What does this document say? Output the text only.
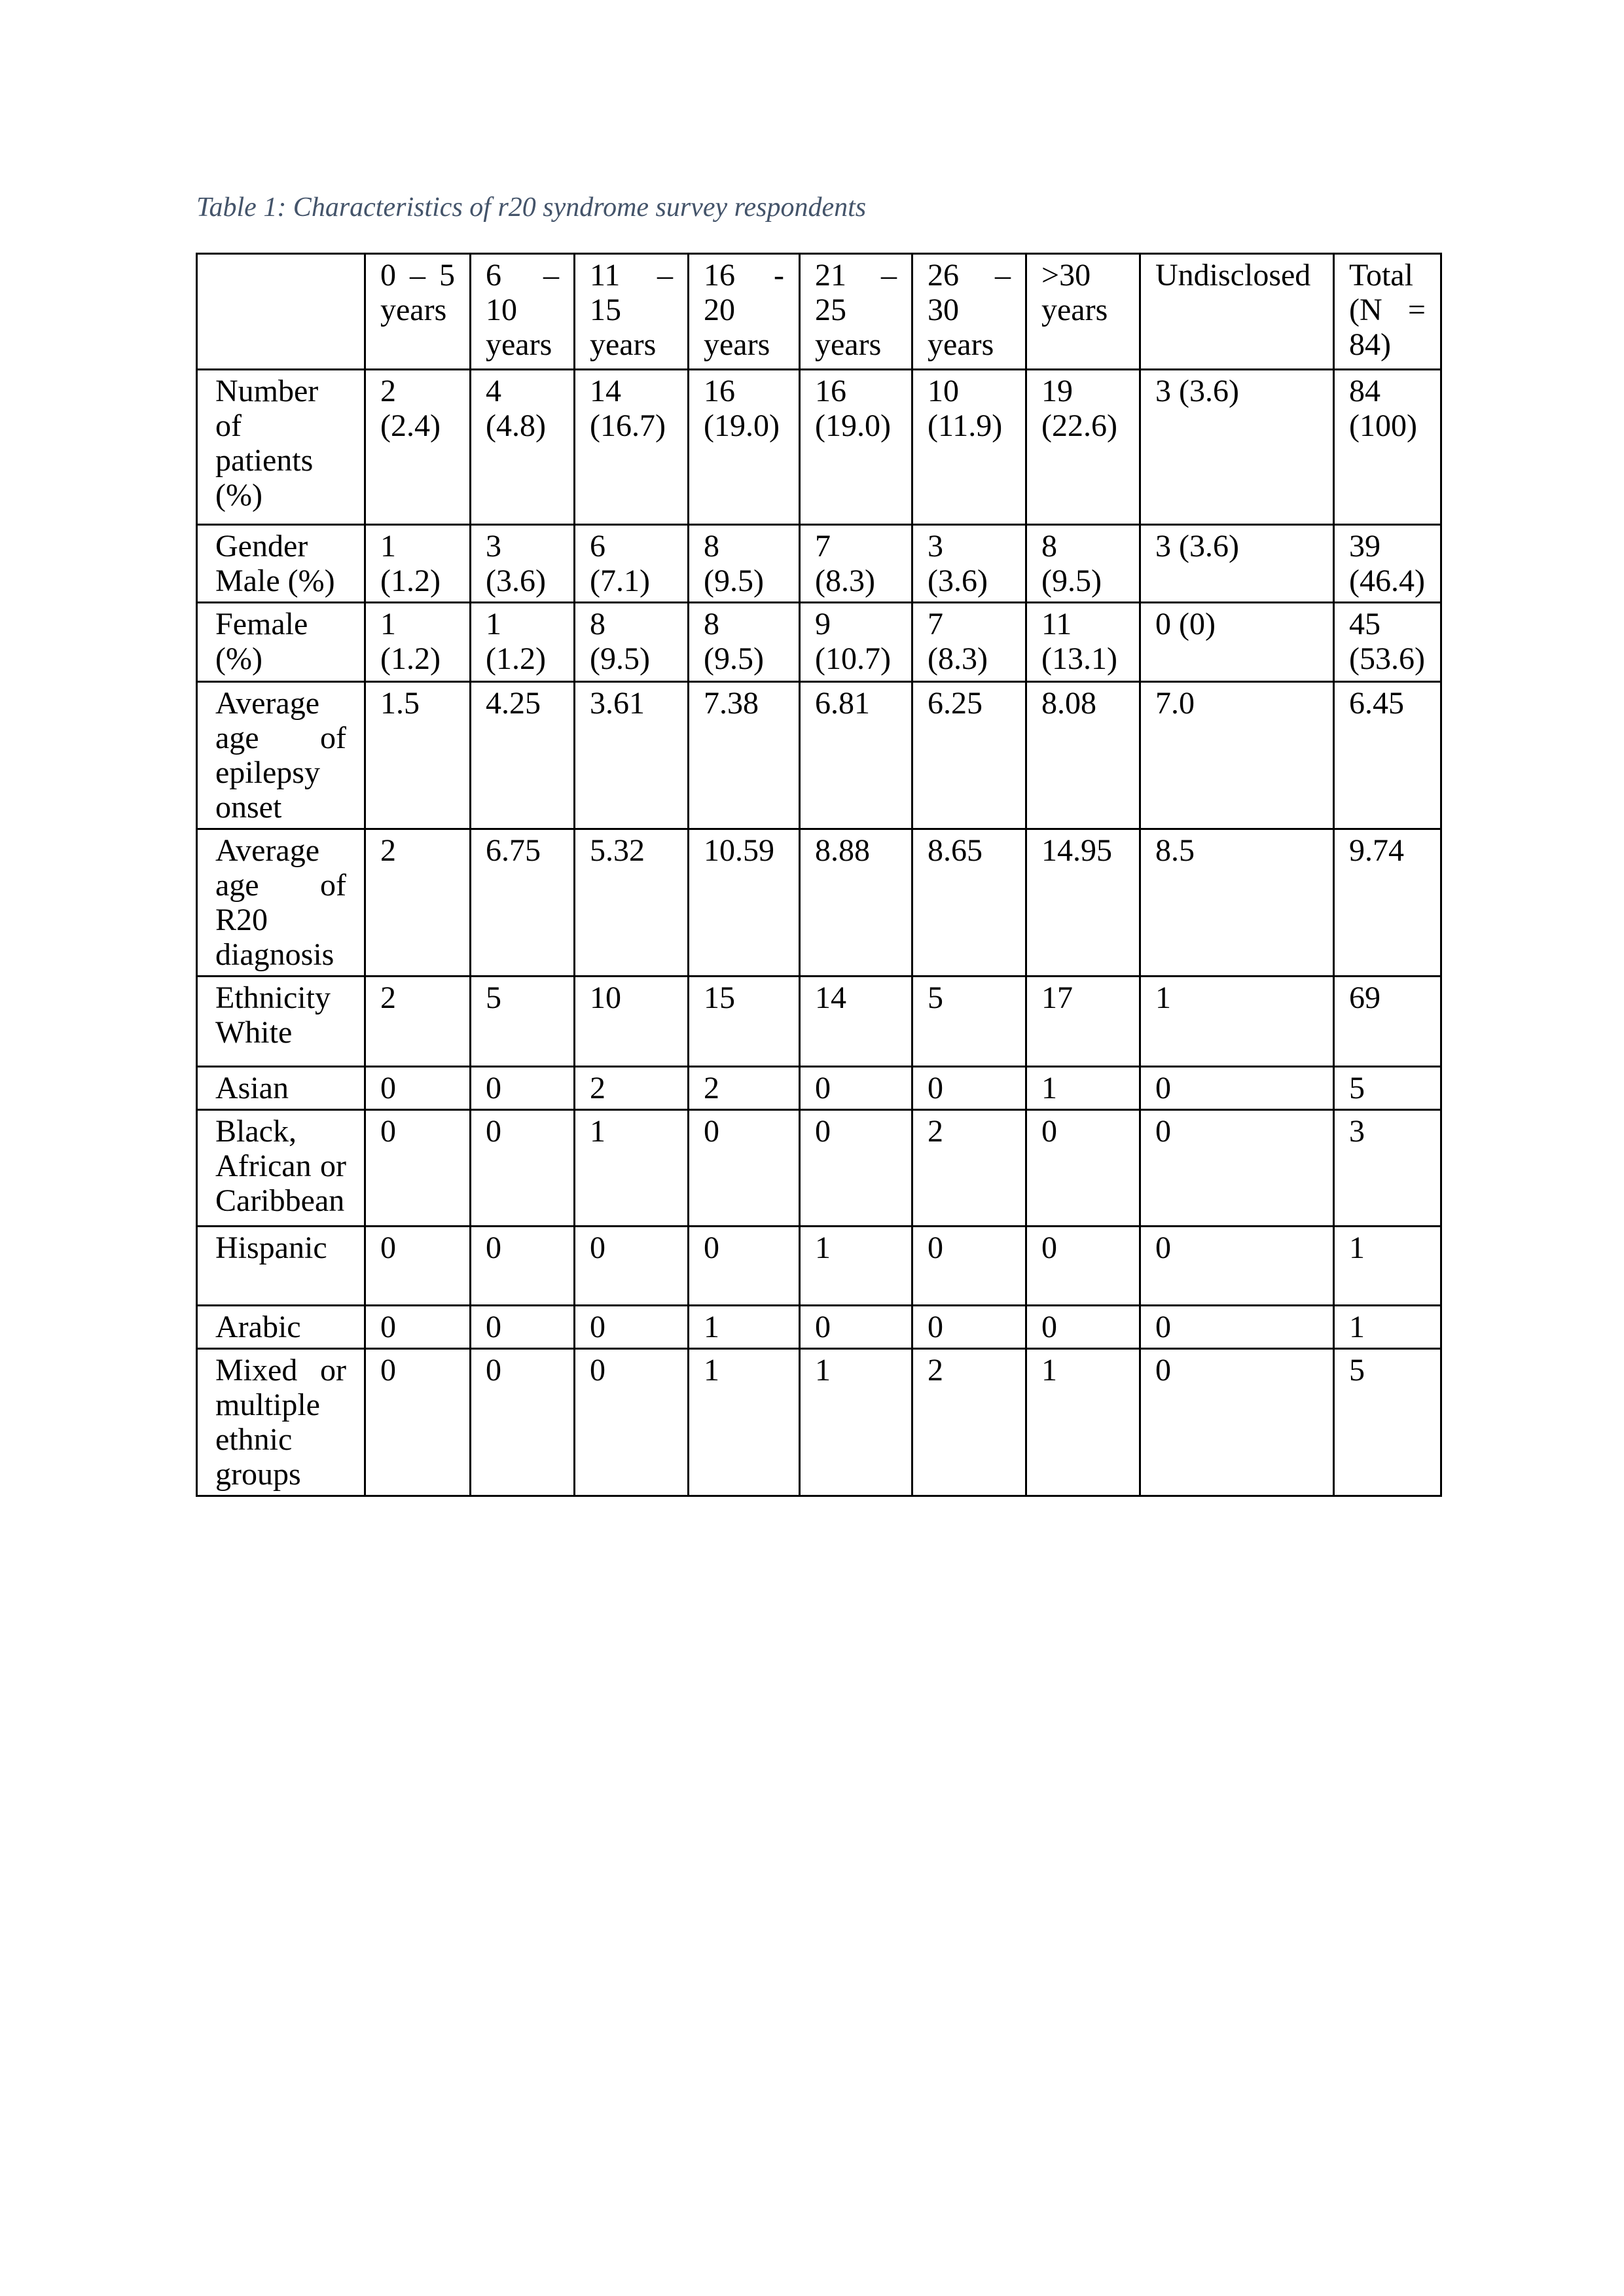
Table 1: Characteristics of r20 syndrome survey respondents

	0 – 5 years	6 – 10 years	11 – 15 years	16 - 20 years	21 – 25 years	26 – 30 years	>30 years	Undisclosed	Total (N = 84)
Number of patients (%)	2 (2.4)	4 (4.8)	14 (16.7)	16 (19.0)	16 (19.0)	10 (11.9)	19 (22.6)	3 (3.6)	84 (100)
Gender Male (%)	1 (1.2)	3 (3.6)	6 (7.1)	8 (9.5)	7 (8.3)	3 (3.6)	8 (9.5)	3 (3.6)	39 (46.4)
Female (%)	1 (1.2)	1 (1.2)	8 (9.5)	8 (9.5)	9 (10.7)	7 (8.3)	11 (13.1)	0 (0)	45 (53.6)
Average age of epilepsy onset	1.5	4.25	3.61	7.38	6.81	6.25	8.08	7.0	6.45
Average age of R20 diagnosis	2	6.75	5.32	10.59	8.88	8.65	14.95	8.5	9.74
Ethnicity White	2	5	10	15	14	5	17	1	69
Asian	0	0	2	2	0	0	1	0	5
Black, African or Caribbean	0	0	1	0	0	2	0	0	3
Hispanic	0	0	0	0	1	0	0	0	1
Arabic	0	0	0	1	0	0	0	0	1
Mixed or multiple ethnic groups	0	0	0	1	1	2	1	0	5
